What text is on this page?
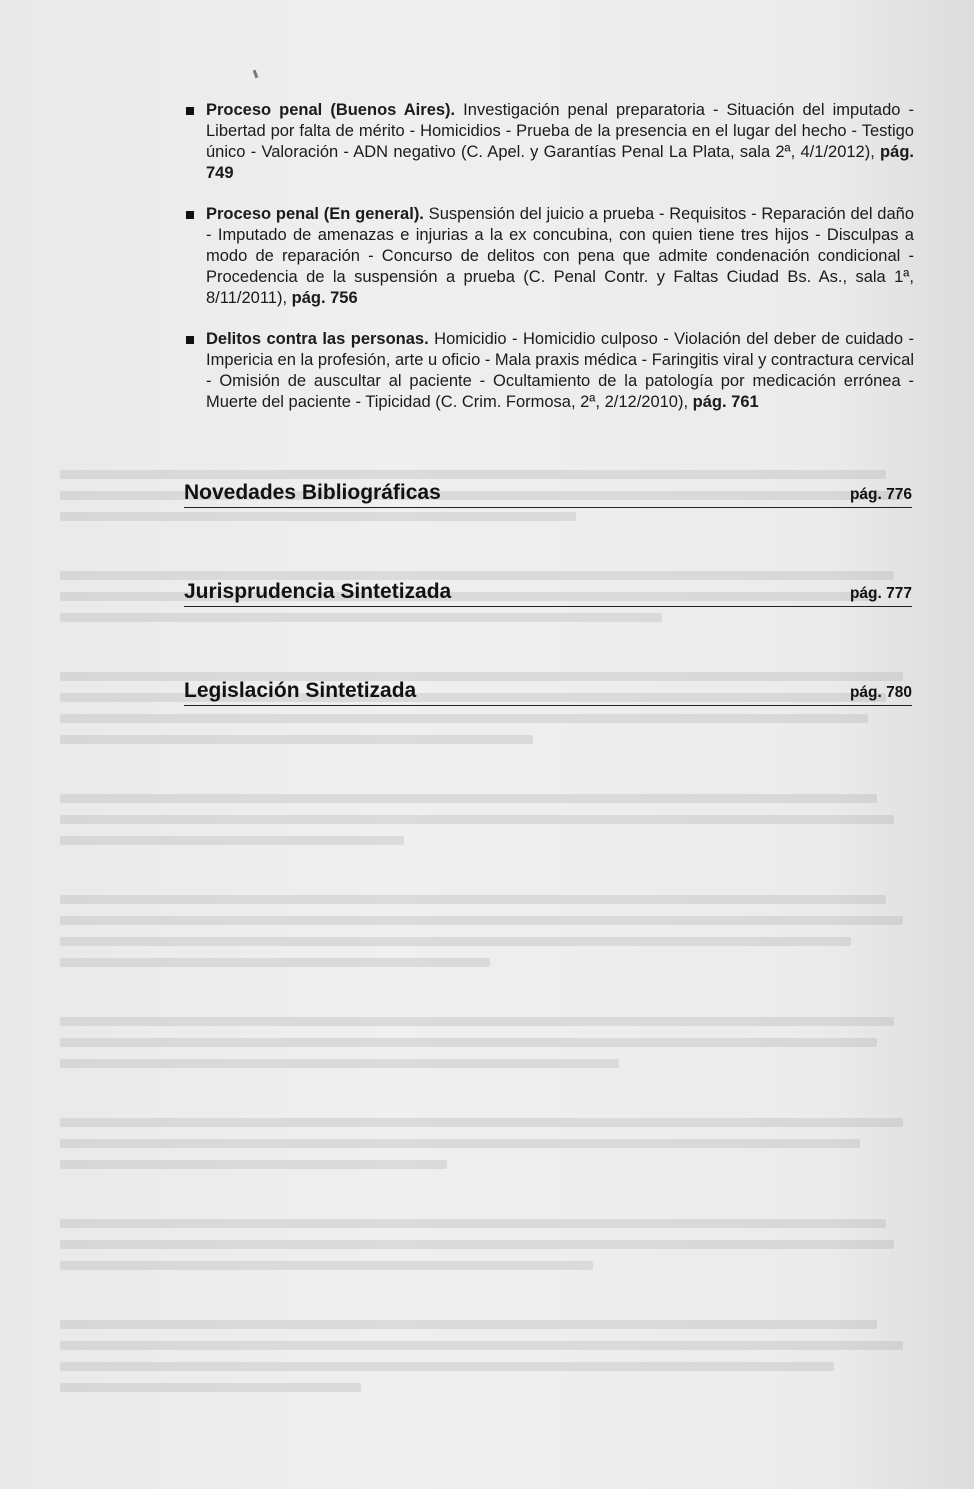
Proceso penal (Buenos Aires). Investigación penal preparatoria - Situación del imputado - Libertad por falta de mérito - Homicidios - Prueba de la presencia en el lugar del hecho - Testigo único - Valoración - ADN negativo (C. Apel. y Garantías Penal La Plata, sala 2ª, 4/1/2012), pág. 749
Proceso penal (En general). Suspensión del juicio a prueba - Requisitos - Reparación del daño - Imputado de amenazas e injurias a la ex concubina, con quien tiene tres hijos - Disculpas a modo de reparación - Concurso de delitos con pena que admite condenación condicional - Procedencia de la suspensión a prueba (C. Penal Contr. y Faltas Ciudad Bs. As., sala 1ª, 8/11/2011), pág. 756
Delitos contra las personas. Homicidio - Homicidio culposo - Violación del deber de cuidado - Impericia en la profesión, arte u oficio - Mala praxis médica - Faringitis viral y contractura cervical - Omisión de auscultar al paciente - Ocultamiento de la patología por medicación errónea - Muerte del paciente - Tipicidad (C. Crim. Formosa, 2ª, 2/12/2010), pág. 761
Novedades Bibliográficas	pág. 776
Jurisprudencia Sintetizada	pág. 777
Legislación Sintetizada	pág. 780
